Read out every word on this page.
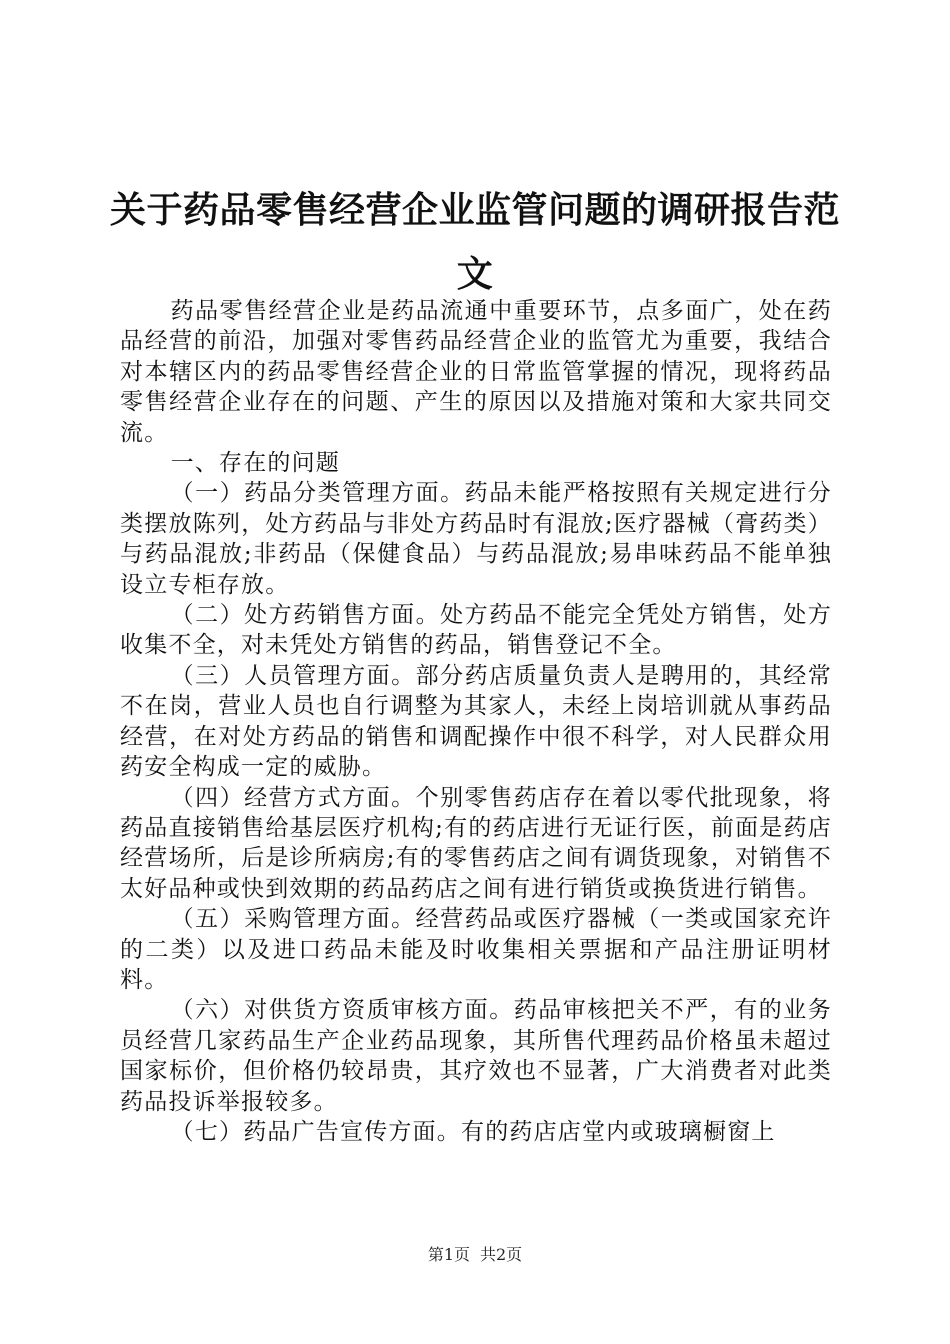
关于药品零售经营企业监管问题的调研报告范文

药品零售经营企业是药品流通中重要环节，点多面广，处在药品经营的前沿，加强对零售药品经营企业的监管尤为重要，我结合对本辖区内的药品零售经营企业的日常监管掌握的情况，现将药品零售经营企业存在的问题、产生的原因以及措施对策和大家共同交流。

一、存在的问题

（一）药品分类管理方面。药品未能严格按照有关规定进行分类摆放陈列，处方药品与非处方药品时有混放;医疗器械（膏药类）与药品混放;非药品（保健食品）与药品混放;易串味药品不能单独设立专柜存放。

（二）处方药销售方面。处方药品不能完全凭处方销售，处方收集不全，对未凭处方销售的药品，销售登记不全。

（三）人员管理方面。部分药店质量负责人是聘用的，其经常不在岗，营业人员也自行调整为其家人，未经上岗培训就从事药品经营，在对处方药品的销售和调配操作中很不科学，对人民群众用药安全构成一定的威胁。

（四）经营方式方面。个别零售药店存在着以零代批现象，将药品直接销售给基层医疗机构;有的药店进行无证行医，前面是药店经营场所，后是诊所病房;有的零售药店之间有调货现象，对销售不太好品种或快到效期的药品药店之间有进行销货或换货进行销售。

（五）采购管理方面。经营药品或医疗器械（一类或国家充许的二类）以及进口药品未能及时收集相关票据和产品注册证明材料。

（六）对供货方资质审核方面。药品审核把关不严，有的业务员经营几家药品生产企业药品现象，其所售代理药品价格虽未超过国家标价，但价格仍较昂贵，其疗效也不显著，广大消费者对此类药品投诉举报较多。

（七）药品广告宣传方面。有的药店店堂内或玻璃橱窗上

第1页 共2页
